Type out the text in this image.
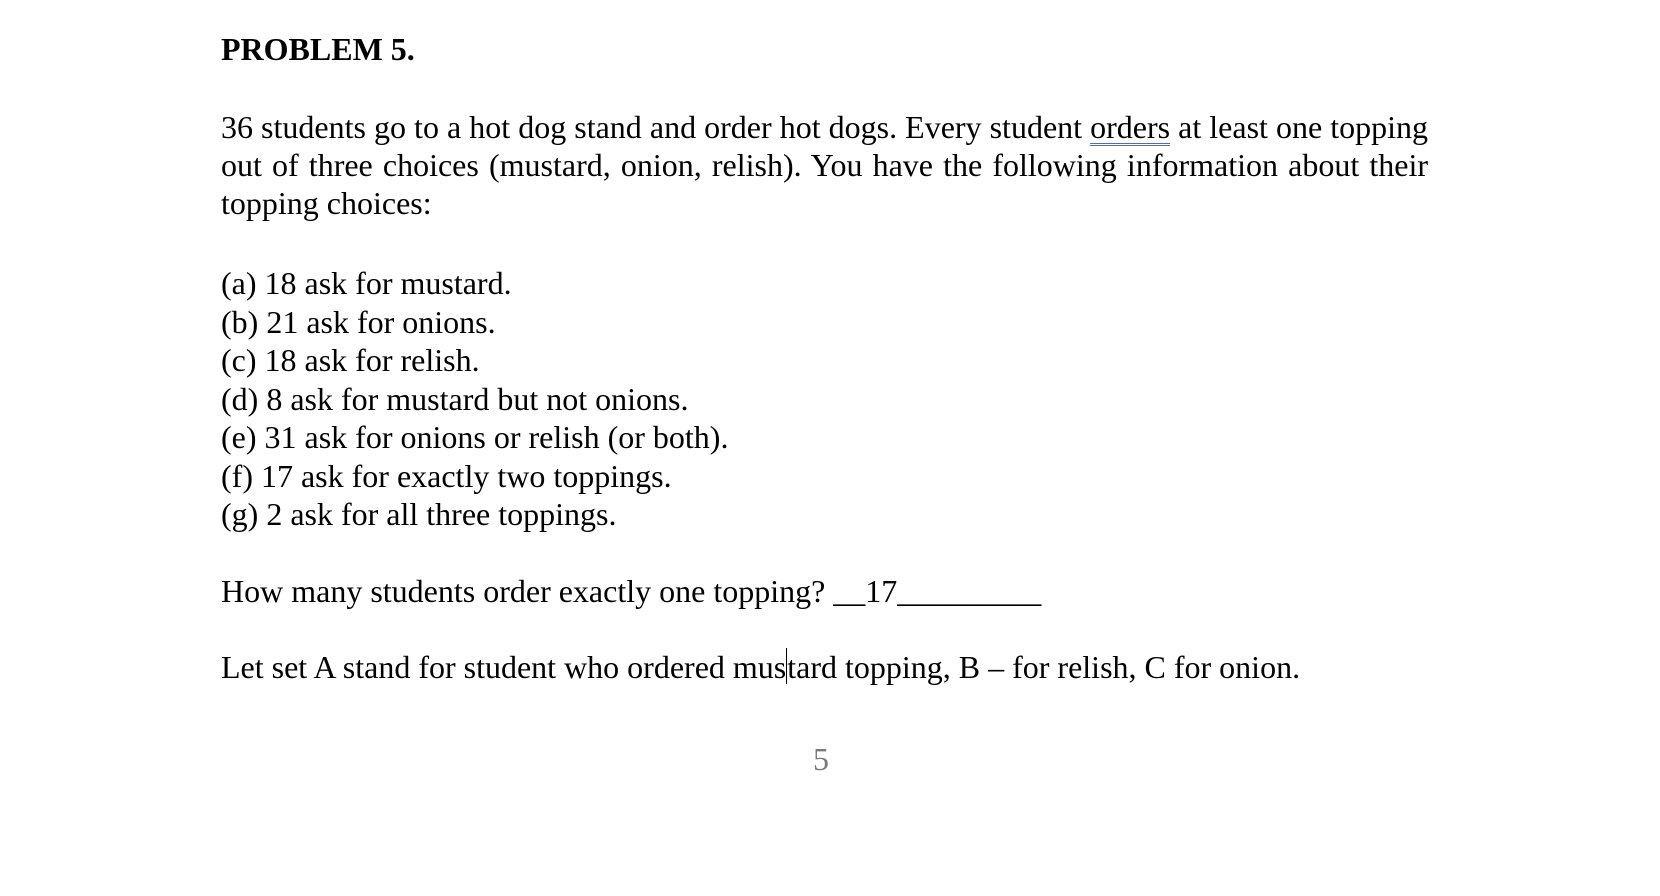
PROBLEM 5.

36 students go to a hot dog stand and order hot dogs. Every student orders at least one topping out of three choices (mustard, onion, relish). You have the following information about their topping choices:

(a) 18 ask for mustard.
(b) 21 ask for onions.
(c) 18 ask for relish.
(d) 8 ask for mustard but not onions.
(e) 31 ask for onions or relish (or both).
(f) 17 ask for exactly two toppings.
(g) 2 ask for all three toppings.

How many students order exactly one topping? __17_________

Let set A stand for student who ordered mustard topping, B – for relish, C for onion.

5
